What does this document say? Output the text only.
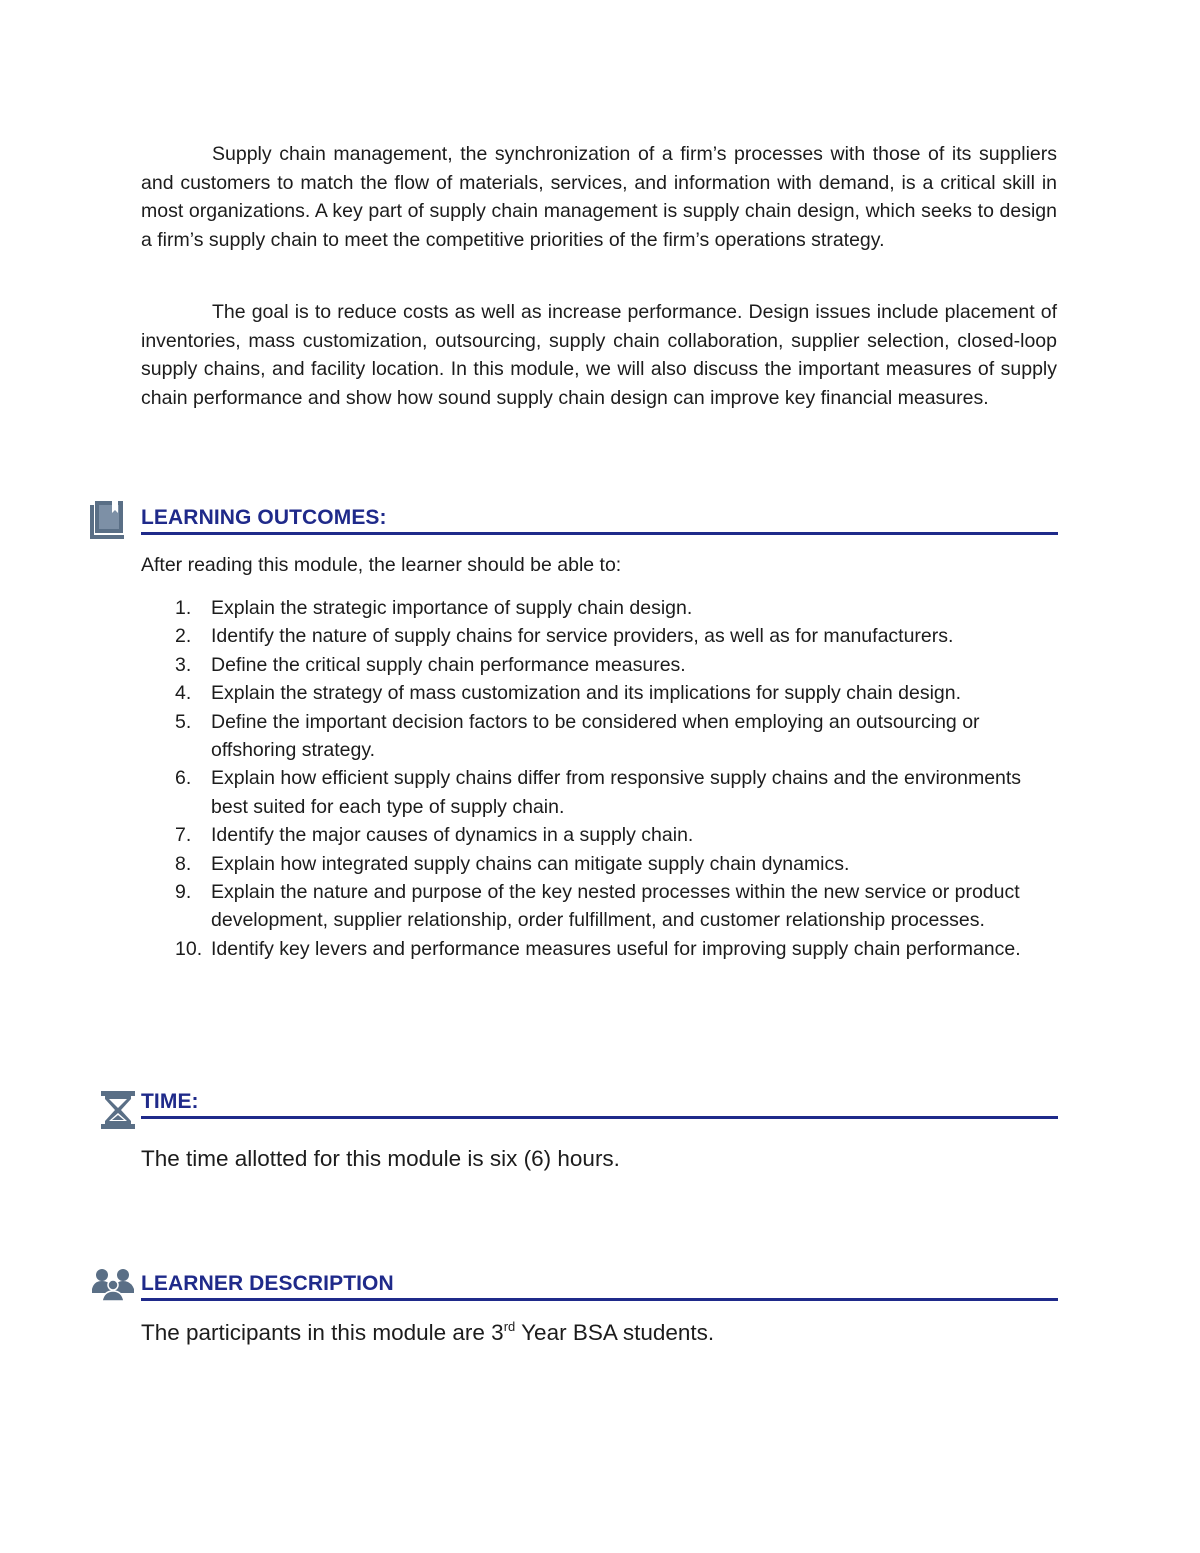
Supply chain management, the synchronization of a firm’s processes with those of its suppliers and customers to match the flow of materials, services, and information with demand, is a critical skill in most organizations. A key part of supply chain management is supply chain design, which seeks to design a firm’s supply chain to meet the competitive priorities of the firm’s operations strategy.

The goal is to reduce costs as well as increase performance. Design issues include placement of inventories, mass customization, outsourcing, supply chain collaboration, supplier selection, closed-loop supply chains, and facility location. In this module, we will also discuss the important measures of supply chain performance and show how sound supply chain design can improve key financial measures.

LEARNING OUTCOMES:

After reading this module, the learner should be able to:

1. Explain the strategic importance of supply chain design.
2. Identify the nature of supply chains for service providers, as well as for manufacturers.
3. Define the critical supply chain performance measures.
4. Explain the strategy of mass customization and its implications for supply chain design.
5. Define the important decision factors to be considered when employing an outsourcing or offshoring strategy.
6. Explain how efficient supply chains differ from responsive supply chains and the environments best suited for each type of supply chain.
7. Identify the major causes of dynamics in a supply chain.
8. Explain how integrated supply chains can mitigate supply chain dynamics.
9. Explain the nature and purpose of the key nested processes within the new service or product development, supplier relationship, order fulfillment, and customer relationship processes.
10. Identify key levers and performance measures useful for improving supply chain performance.
TIME:

The time allotted for this module is six (6) hours.

LEARNER DESCRIPTION

The participants in this module are 3rd Year BSA students.
